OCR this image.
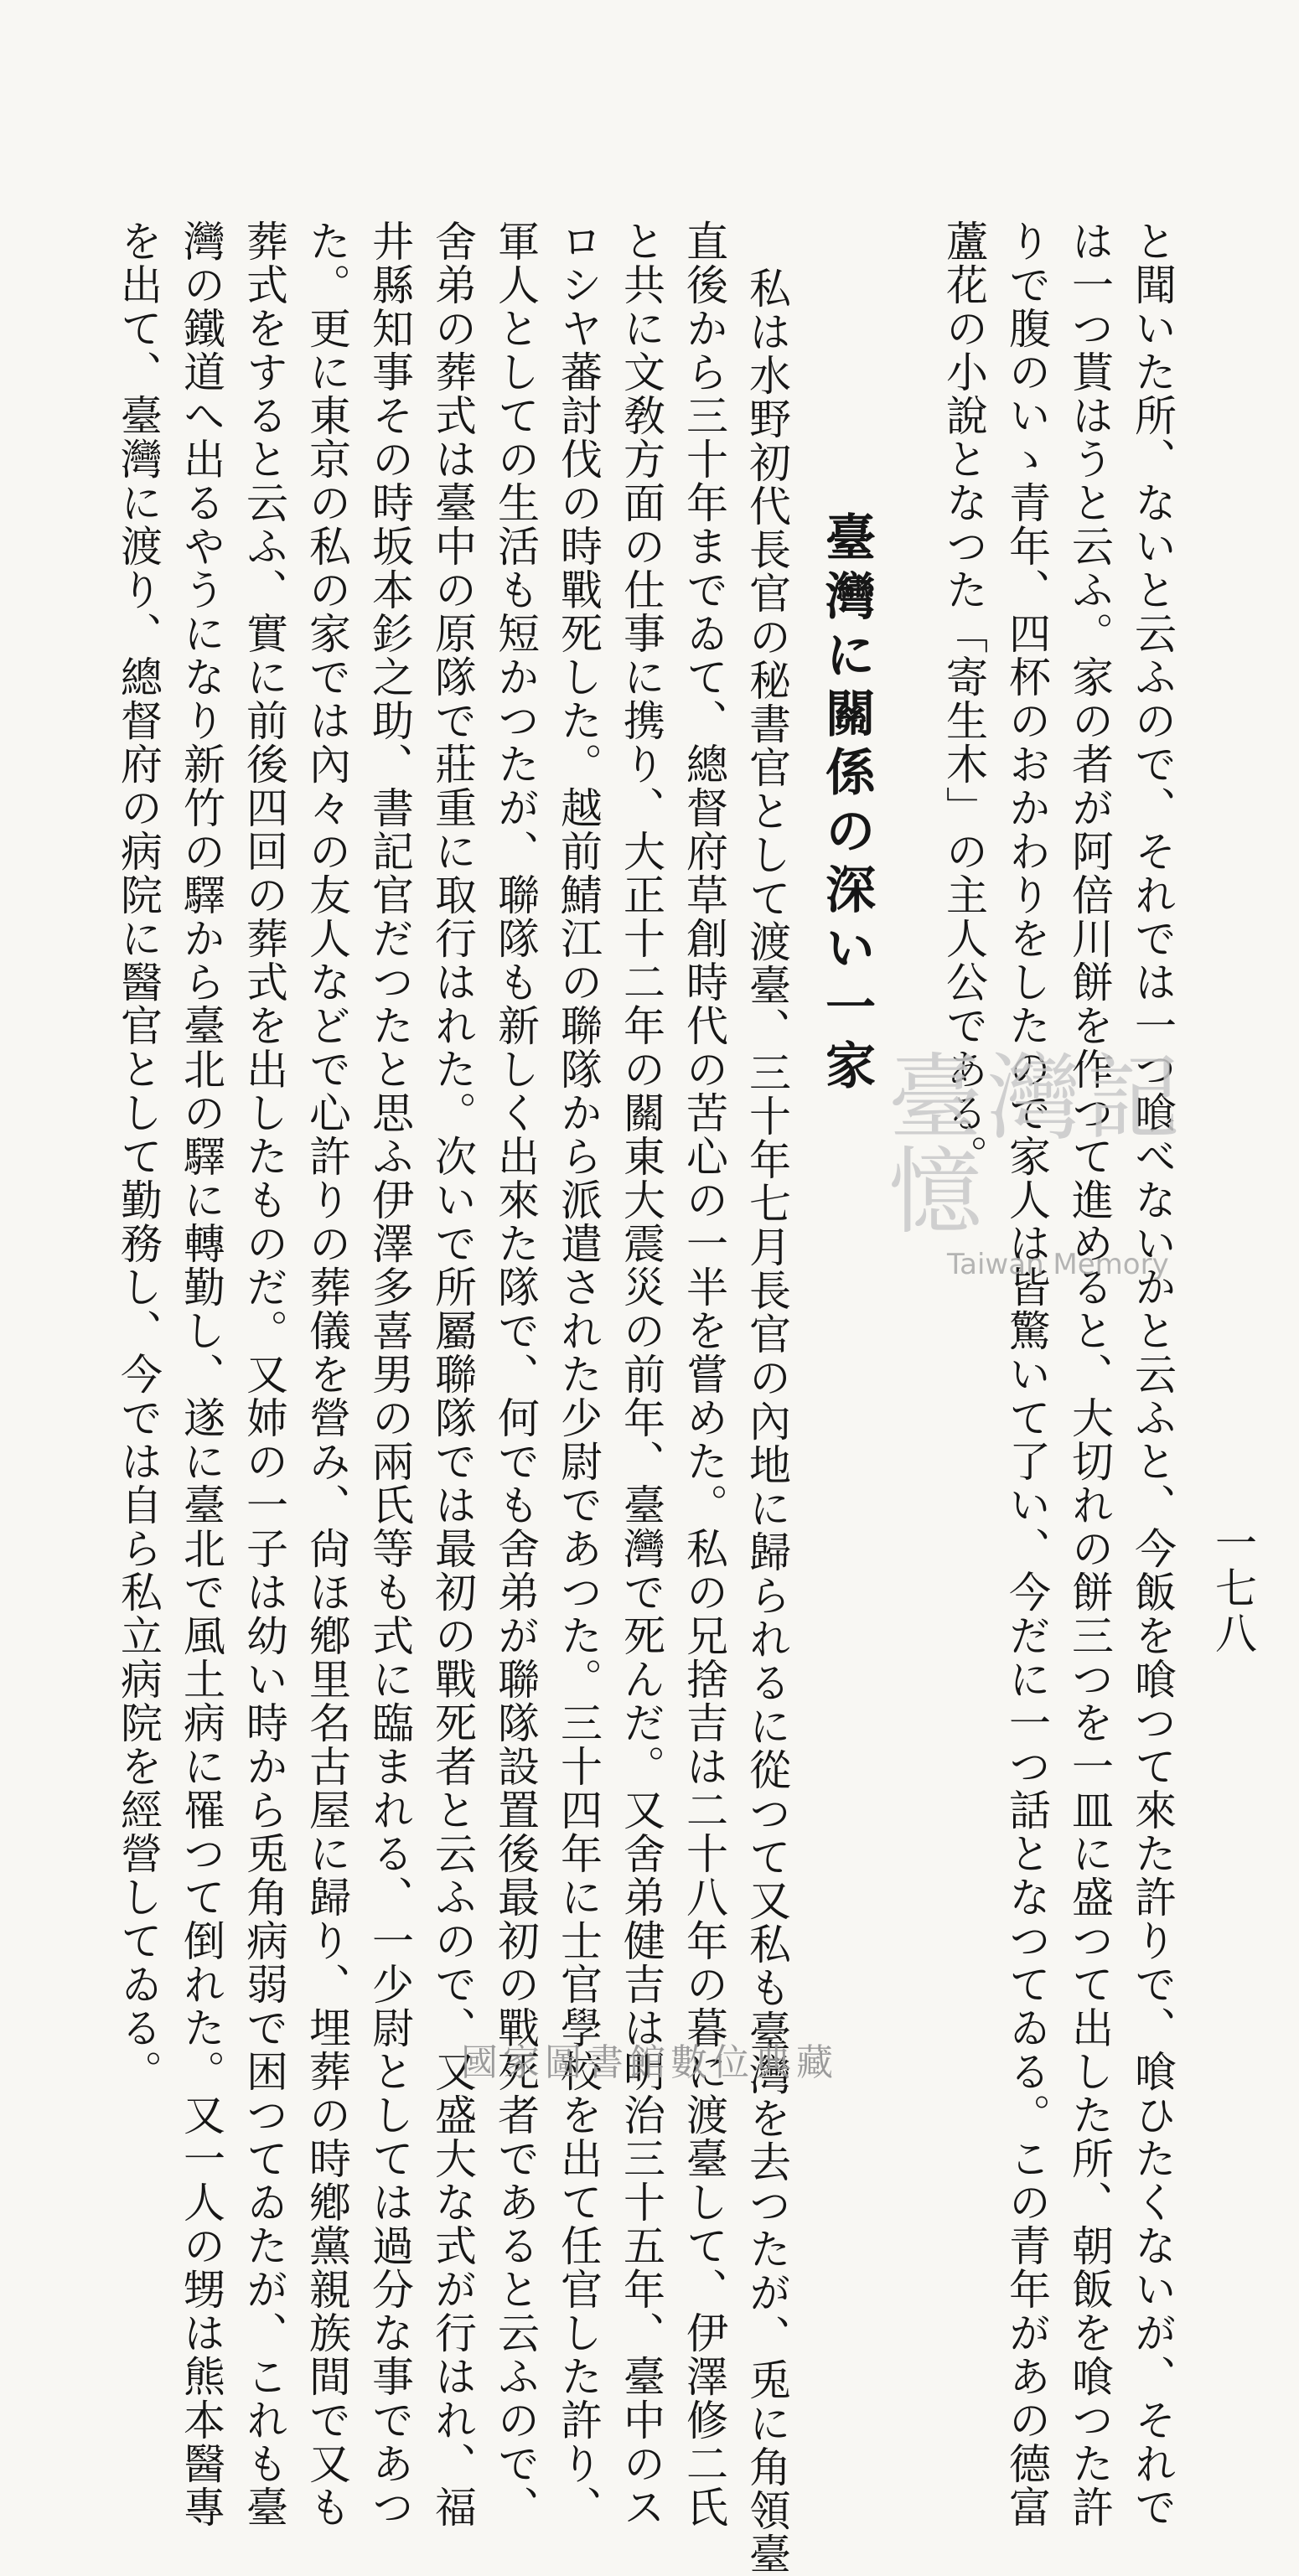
一七八
と聞いた所、ないと云ふので、それでは一つ喰べないかと云ふと、今飯を喰つて來た許りで、喰ひたくないが、それで
は一つ貰はうと云ふ。家の者が阿倍川餅を作つて進めると、大切れの餅三つを一皿に盛つて出した所、朝飯を喰つた許
りで腹のいゝ青年、四杯のおかわりをしたので家人は皆驚いて了い、今だに一つ話となつてゐる。この青年があの德富
蘆花の小說となつた「寄生木」の主人公である。
臺灣に關係の深い一家
私は水野初代長官の秘書官として渡臺、三十年七月長官の內地に歸られるに從つて又私も臺灣を去つたが、兎に角領臺
直後から三十年までゐて、總督府草創時代の苦心の一半を嘗めた。私の兄捨吉は二十八年の暮に渡臺して、伊澤修二氏
と共に文敎方面の仕事に携り、大正十二年の關東大震災の前年、臺灣で死んだ。又舍弟健吉は明治三十五年、臺中のス
ロシヤ蕃討伐の時戰死した。越前鯖江の聯隊から派遣された少尉であつた。三十四年に士官學校を出て任官した許り、
軍人としての生活も短かつたが、聯隊も新しく出來た隊で、何でも舍弟が聯隊設置後最初の戰死者であると云ふので、
舍弟の葬式は臺中の原隊で莊重に取行はれた。次いで所屬聯隊では最初の戰死者と云ふので、又盛大な式が行はれ、福
井縣知事その時坂本釤之助、書記官だつたと思ふ伊澤多喜男の兩氏等も式に臨まれる、一少尉としては過分な事であつ
た。更に東京の私の家では內々の友人などで心許りの葬儀を營み、尙ほ鄕里名古屋に歸り、埋葬の時鄕黨親族間で又も
葬式をすると云ふ、實に前後四回の葬式を出したものだ。又姉の一子は幼い時から兎角病弱で困つてゐたが、これも臺
灣の鐵道へ出るやうになり新竹の驛から臺北の驛に轉勤し、遂に臺北で風土病に罹つて倒れた。又一人の甥は熊本醫專
を出て、臺灣に渡り、總督府の病院に醫官として勤務し、今では自ら私立病院を經營してゐる。	臺灣記憶
Taiwan Memory
國家圖書館數位典藏
